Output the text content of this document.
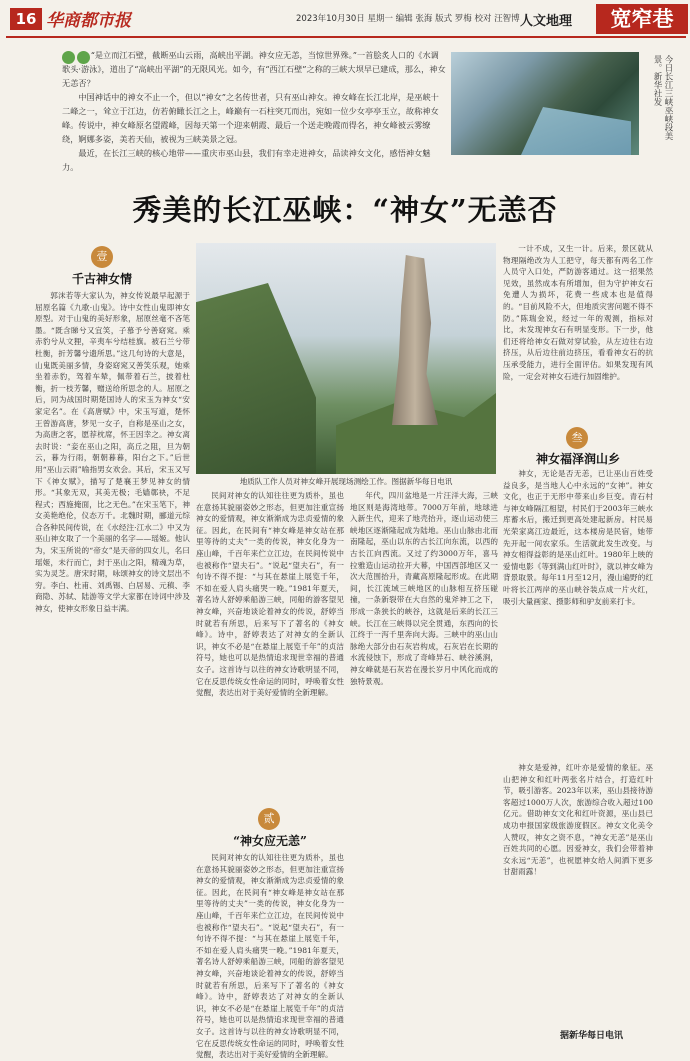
16 华商都市报	2023年10月30日 星期一 编辑 张海 版式 罗梅 校对 汪智博 人文地理	宽窄巷

“是立而江石壁，截断巫山云雨，高峡出平湖。神女应无恙，当惊世界殊。”一首脍炙人口的《水调歌头·游泳》，道出了“高峡出平湖”的无限风光。如今，有“西江石壁”之称的三峡大坝早已建成，那么，神女无恙否？

中国神话中的神女不止一个，但以“神女”之名传世者，只有巫山神女。神女峰在长江北岸，是巫峡十二峰之一，耸立于江边，仿若俯瞰长江之上，峰巅有一石柱突兀而出，宛如一位少女亭亭玉立，故称神女峰。传说中，神女峰原名望霞峰，因每天第一个迎来朝霞、最后一个送走晚霞而得名，神女峰被云雾缭绕，婀娜多姿，美若天仙，被视为三峡美景之冠。

最近，在长江三峡的核心地带——重庆市巫山县，我们有幸走进神女，品读神女文化，感悟神女魅力。

今日长江三峡巫峡段美景。新华社发
秀美的长江巫峡：“神女”无恙否
壹
千古神女情
郭沫若等大家认为，神女传说最早起源于屈原名篇《九歌·山鬼》。诗中女性山鬼即神女原型。对于山鬼的美好形象，屈原丝毫不吝笔墨。“既含睇兮又宜笑，子慕予兮善窈窕。乘赤豹兮从文狸，辛夷车兮结桂旗。被石兰兮带杜衡，折芳馨兮遗所思。”这几句诗的大意是，山鬼既美丽多情，身姿窈窕又善笑乐观，她乘坐着赤豹，驾着车辇，佩带着石兰，披着杜衡，折一枝芳馨，赠送给所思念的人。屈原之后，同为战国时期楚国诗人的宋玉为神女“安家定名”。在《高唐赋》中，宋玉写道，楚怀王曾游高唐，梦见一女子，自称是巫山之女，为高唐之客，愿荐枕席，怀王因幸之。神女离去时说：“妾在巫山之阳，高丘之阻，旦为朝云，暮为行雨，朝朝暮暮，阳台之下。”后世用“巫山云雨”喻指男女欢会。其后，宋玉又写下《神女赋》，描写了楚襄王梦见神女的情形。“其象无双，其美无极；毛嫱鄣袂，不足程式；西施掩面，比之无色。”在宋玉笔下，神女美艳绝伦，仪态万千。北魏时期，郦道元综合各种民间传说，在《水经注·江水二》中又为巫山神女取了一个美丽的名字——瑶姬。他认为，宋玉所说的“帝女”是天帝的四女儿，名曰瑶姬，未行而亡，封于巫山之阳，精魂为草，实为灵芝。唐宋时期，咏颂神女的诗文层出不穷。李白、杜甫、刘禹锡、白居易、元稹、李商隐、苏轼、陆游等文学大家都在诗词中涉及神女，使神女形象日益丰满。
地质队工作人员对神女峰开展现场测绘工作。图据新华每日电讯
民间对神女的认知往往更为质朴，虽也在意扬其貌丽姿妙之形态，但更加注重宣扬神女的爱情观，神女渐渐成为忠贞爱情的象征。因此，在民间有“神女峰是神女站在那里等待的丈夫”一类的传说，神女化身为一座山峰，千百年来伫立江边，在民间传说中也被称作“望夫石”。“说起“望夫石”，有一句诗不得不提：“与其在悬崖上展览千年，不如在爱人肩头痛哭一晚。”1981年夏天，著名诗人舒婷乘船游三峡，同船的游客望见神女峰，兴奋地谈论着神女的传说，舒婷当时就若有所思，后来写下了著名的《神女峰》。诗中，舒婷表达了对神女的全新认识，神女不必是“在悬崖上展览千年”的贞洁符号，她也可以是热情追求现世幸福的普通女子。这首诗与以往的神女诗歌明显不同，它在反思传统女性命运的同时，呼唤着女性觉醒，表达出对于美好爱情的全新理解。
贰
“神女应无恙”
民间对神女的认知往往更为质朴，虽也在意扬其貌丽姿妙之形态，但更加注重宣扬神女的爱情观，神女渐渐成为忠贞爱情的象征。因此，在民间有“神女峰是神女站在那里等待的丈夫”一类的传说，神女化身为一座山峰，千百年来伫立江边，在民间传说中也被称作“望夫石”。“说起“望夫石”，有一句诗不得不提：“与其在悬崖上展览千年，不如在爱人肩头痛哭一晚。”1981年夏天，著名诗人舒婷乘船游三峡，同船的游客望见神女峰，兴奋地谈论着神女的传说，舒婷当时就若有所思，后来写下了著名的《神女峰》。诗中，舒婷表达了对神女的全新认识，神女不必是“在悬崖上展览千年”的贞洁符号，她也可以是热情追求现世幸福的普通女子。这首诗与以往的神女诗歌明显不同，它在反思传统女性命运的同时，呼唤着女性觉醒，表达出对于美好爱情的全新理解。
年代，四川盆地是一片汪洋大海，三峡地区则是海湾地带。7000万年前，地球进入新生代，迎来了地壳抬升，逐山运动使三峡地区逐渐隆起成为陆地。巫山山脉由北而南隆起，巫山以东的古长江向东流，以西的古长江向西流。又过了约3000万年，喜马拉雅造山运动拉开大幕，中国西部地区又一次大范围抬升，青藏高原隆起形成。在此期间，长江流域三峡地区的山脉相互挤压碰撞，一条新裂带在大自然的鬼斧神工之下，形成一条狭长的峡谷，这就是后来的长江三峡。长江在三峡得以完全贯通，东西向的长江终于一泻千里奔向大海。三峡中的巫山山脉绝大部分由石灰岩构成，石灰岩在长期的水流侵蚀下，形成了奇峰异石、峡谷溪涧，神女峰就是石灰岩在漫长岁月中风化而成的独特景观。
一计不成，又生一计。后来，景区就从物理隔绝改为人工把守，每天都有两名工作人员守入口处，严防游客通过。这一招果然见效，虽然成本有所增加，但为守护神女石免遭人为损坏，花费一些成本也是值得的。“目前风险不大，但地质灾害问题不得不防。”陈瑞金说，经过一年的观测，指标对比，未发现神女石有明显变形。下一步，他们还将给神女石做对穿试验，从左边往右边挤压，从后边往前边挤压，看看神女石的抗压承受能力，进行全面评估。如果发现有风险，一定会对神女石进行加固维护。
叁
神女福泽润山乡
神女，无论是否无恙，已让巫山百姓受益良多，是当地人心中永远的“女神”。神女文化，也正于无形中带来山乡巨变。青石村与神女峰隔江相望，村民们于2003年三峡水库蓄水后，搬迁到更高处建起新房。村民易光荣家离江边最近，这本楼房是民宿，她带先开起一间农家乐。生活就此发生改变。与神女相得益彰的是巫山红叶。1980年上映的爱情电影《等到满山红叶时》，就以神女峰为背景取景。每年11月至12月，漫山遍野的红叶将长江两岸的巫山峡谷装点成一片火红，吸引大量画家、摄影师和驴友前来打卡。
神女是爱神，红叶亦是爱情的象征。巫山把神女和红叶两张名片结合，打造红叶节，吸引游客。2023年以来，巫山县接待游客超过1000万人次，旅游综合收入超过100亿元。借助神女文化和红叶资源，巫山县已成功申报国家级旅游度假区。神女文化美令人赞叹，神女之资不息，“神女无恙”是巫山百姓共同的心愿。因爱神女，我们会带着神女永远“无恙”，也祝愿神女给人间洒下更多甘甜雨露！
据新华每日电讯
